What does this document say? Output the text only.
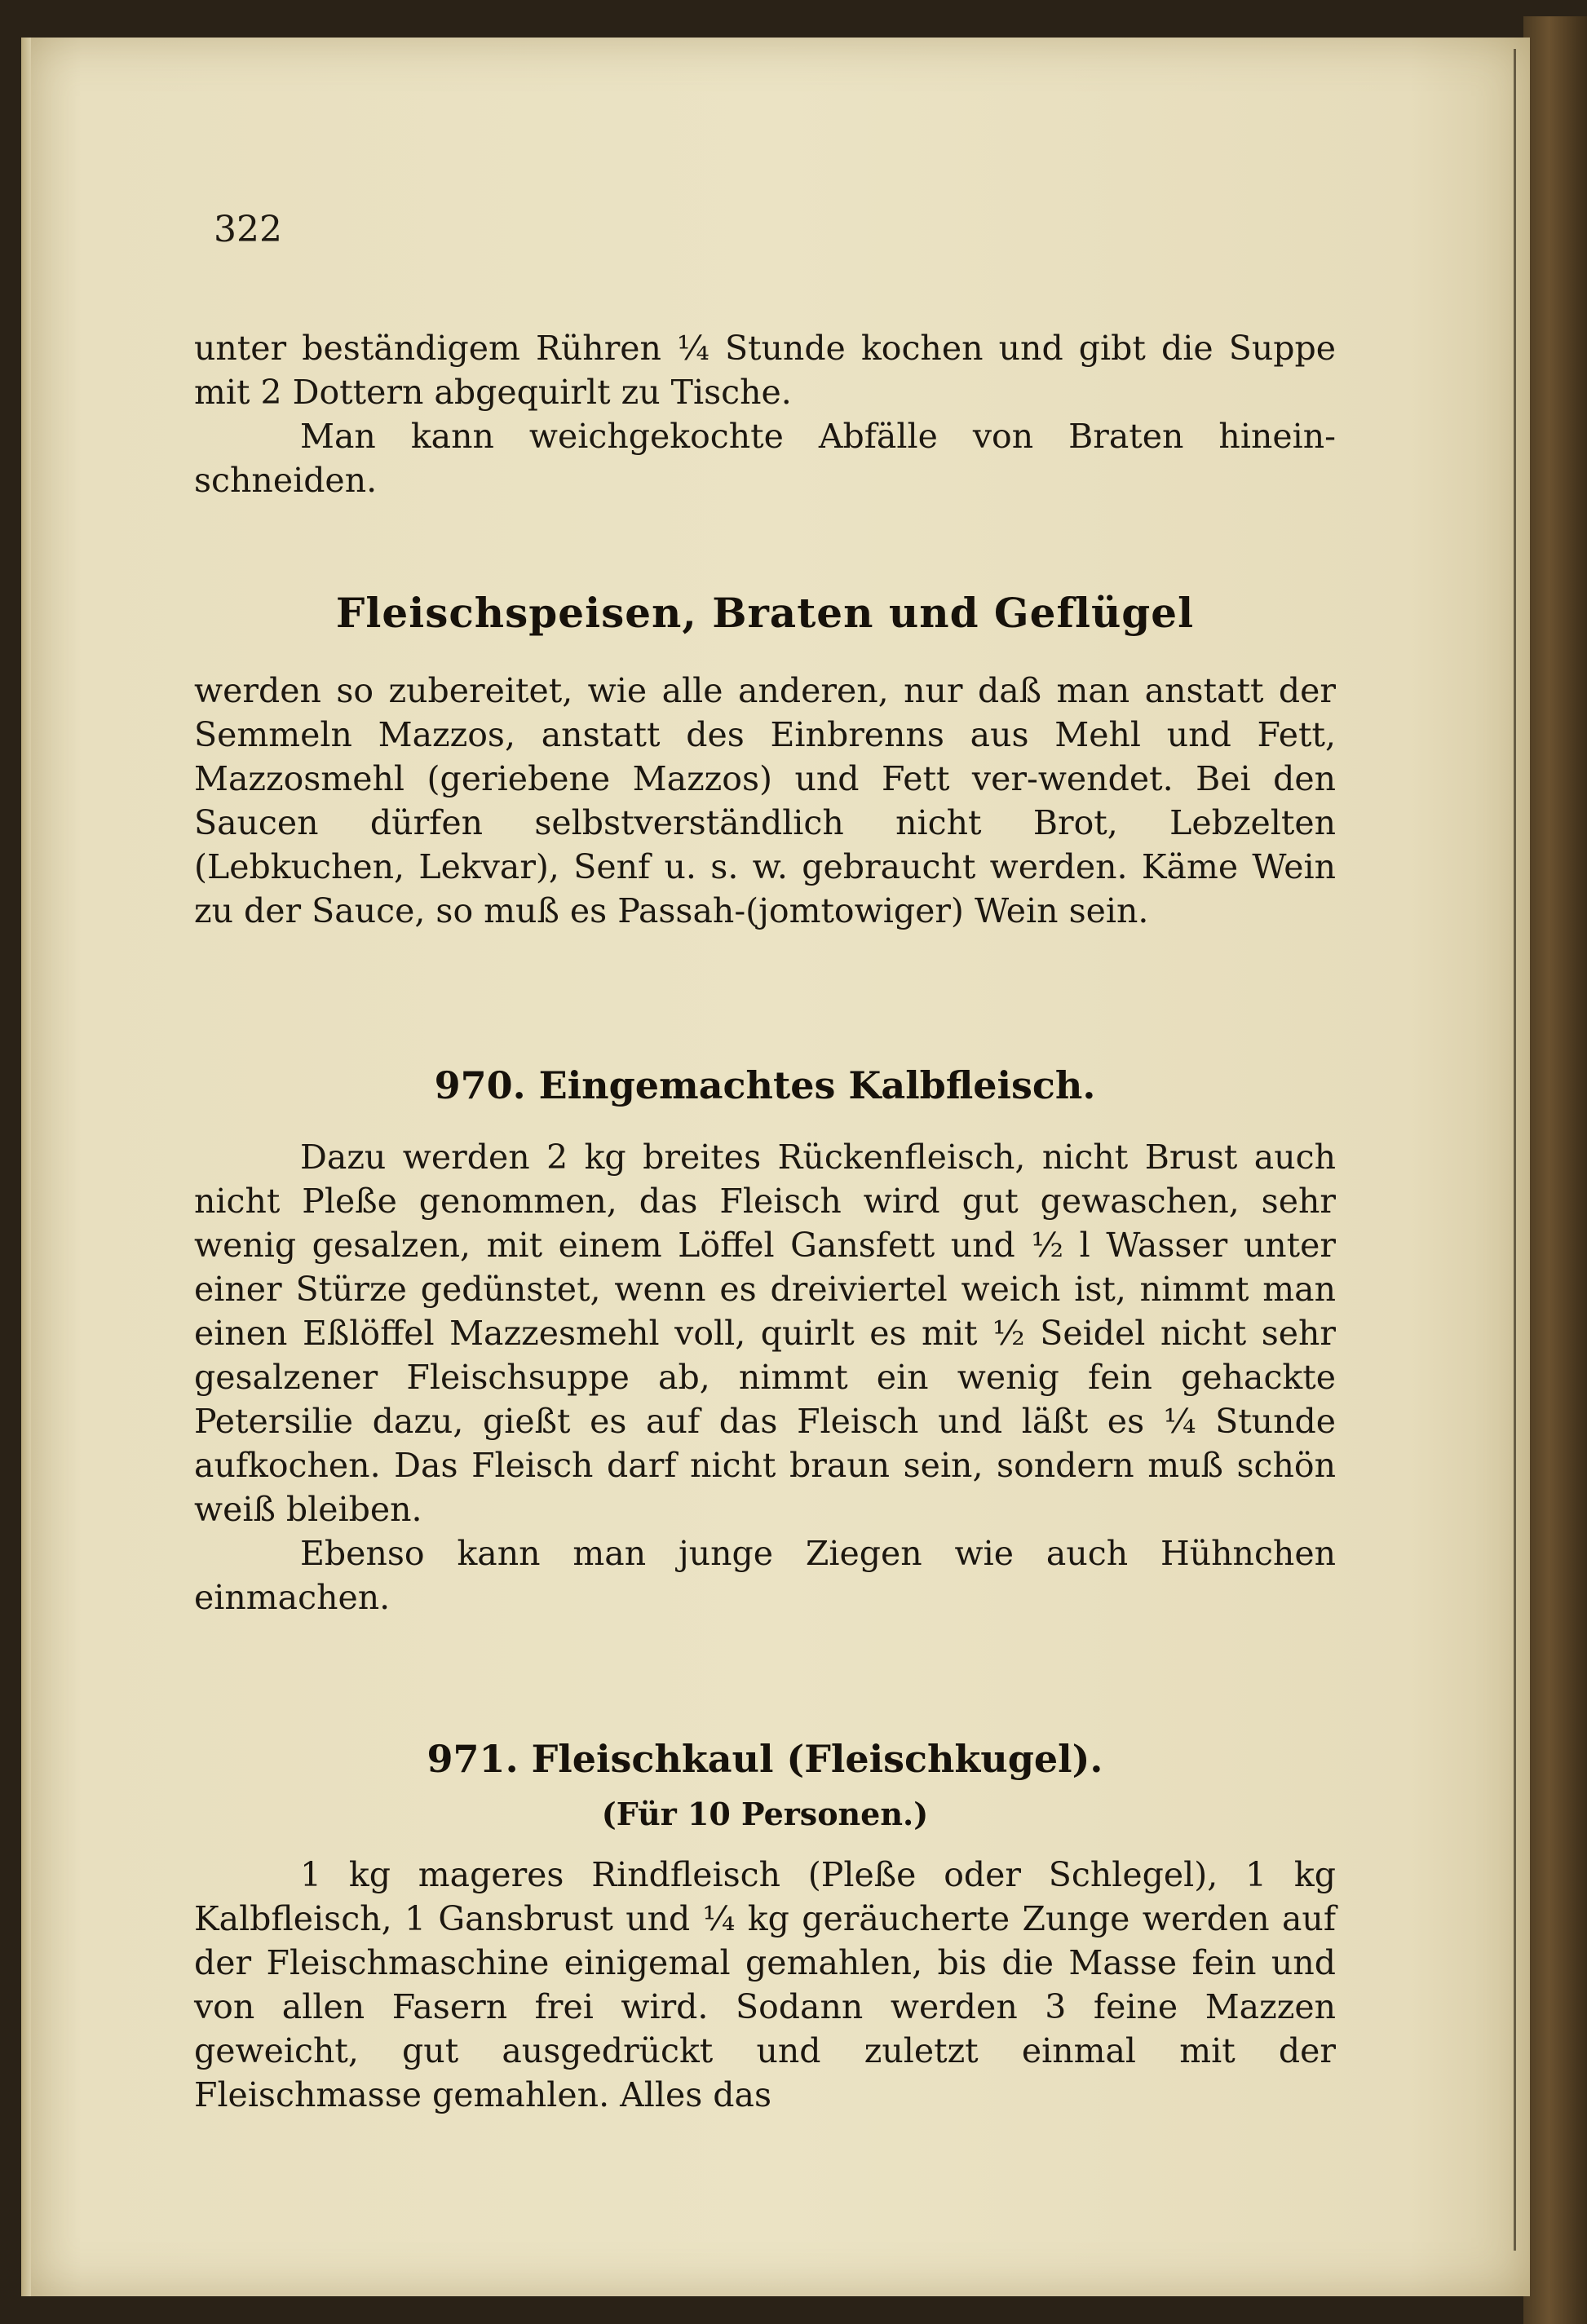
322

unter beständigem Rühren ¼ Stunde kochen und gibt die Suppe mit 2 Dottern abgequirlt zu Tische.

Man kann weichgekochte Abfälle von Braten hinein-schneiden.

Fleischspeisen, Braten und Geflügel

werden so zubereitet, wie alle anderen, nur daß man anstatt der Semmeln Mazzos, anstatt des Einbrenns aus Mehl und Fett, Mazzosmehl (geriebene Mazzos) und Fett ver-wendet. Bei den Saucen dürfen selbstverständlich nicht Brot, Lebzelten (Lebkuchen, Lekvar), Senf u. s. w. gebraucht werden. Käme Wein zu der Sauce, so muß es Passah-(jomtowiger) Wein sein.

970. Eingemachtes Kalbfleisch.

Dazu werden 2 kg breites Rückenfleisch, nicht Brust auch nicht Pleße genommen, das Fleisch wird gut gewaschen, sehr wenig gesalzen, mit einem Löffel Gansfett und ½ l Wasser unter einer Stürze gedünstet, wenn es dreiviertel weich ist, nimmt man einen Eßlöffel Mazzesmehl voll, quirlt es mit ½ Seidel nicht sehr gesalzener Fleischsuppe ab, nimmt ein wenig fein gehackte Petersilie dazu, gießt es auf das Fleisch und läßt es ¼ Stunde aufkochen. Das Fleisch darf nicht braun sein, sondern muß schön weiß bleiben.

Ebenso kann man junge Ziegen wie auch Hühnchen einmachen.

971. Fleischkaul (Fleischkugel).
(Für 10 Personen.)

1 kg mageres Rindfleisch (Pleße oder Schlegel), 1 kg Kalbfleisch, 1 Gansbrust und ¼ kg geräucherte Zunge werden auf der Fleischmaschine einigemal gemahlen, bis die Masse fein und von allen Fasern frei wird. Sodann werden 3 feine Mazzen geweicht, gut ausgedrückt und zuletzt einmal mit der Fleischmasse gemahlen. Alles das
